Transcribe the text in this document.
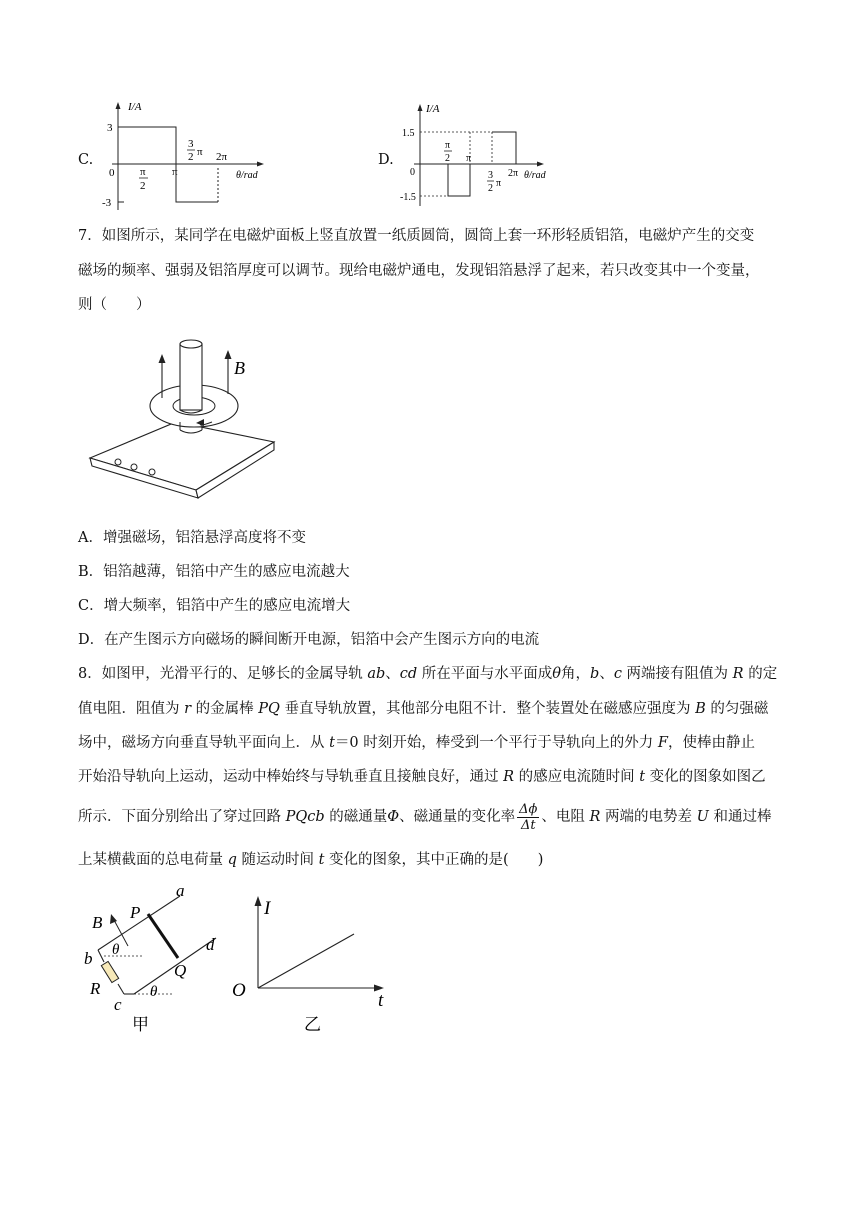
C.
I/A
3
-3
0 π
2
π
3
2 π 2π
θ/rad
D.
I/A
1.5
-1.5
0
π
2 π
3
2 π
2π θ/rad
7．如图所示，某同学在电磁炉面板上竖直放置一纸质圆筒，圆筒上套一环形轻质铝箔，电磁炉产生的交变
磁场的频率、强弱及铝箔厚度可以调节。现给电磁炉通电，发现铝箔悬浮了起来，若只改变其中一个变量，
则（　　）
B
A．增强磁场，铝箔悬浮高度将不变
B．铝箔越薄，铝箔中产生的感应电流越大
C．增大频率，铝箔中产生的感应电流增大
D．在产生图示方向磁场的瞬间断开电源，铝箔中会产生图示方向的电流
8．如图甲，光滑平行的、足够长的金属导轨 ab、cd 所在平面与水平面成θ角，b、c 两端接有阻值为 R 的定
值电阻．阻值为 r 的金属棒 PQ 垂直导轨放置，其他部分电阻不计．整个装置处在磁感应强度为 B 的匀强磁
场中，磁场方向垂直导轨平面向上．从 t＝0 时刻开始，棒受到一个平行于导轨向上的外力 F，使棒由静止
开始沿导轨向上运动，运动中棒始终与导轨垂直且接触良好，通过 R 的感应电流随时间 t 变化的图象如图乙
所示．下面分别给出了穿过回路 PQcb 的磁通量Φ、磁通量的变化率 $\frac{\Delta\phi}{\Delta t}$ 、电阻 R 两端的电势差 U 和通过棒
上某横截面的总电荷量 q 随运动时间 t 变化的图象，其中正确的是(　　)
a
B
P
d
b θ
Q
R
c
θ
甲
I
O	t
乙
